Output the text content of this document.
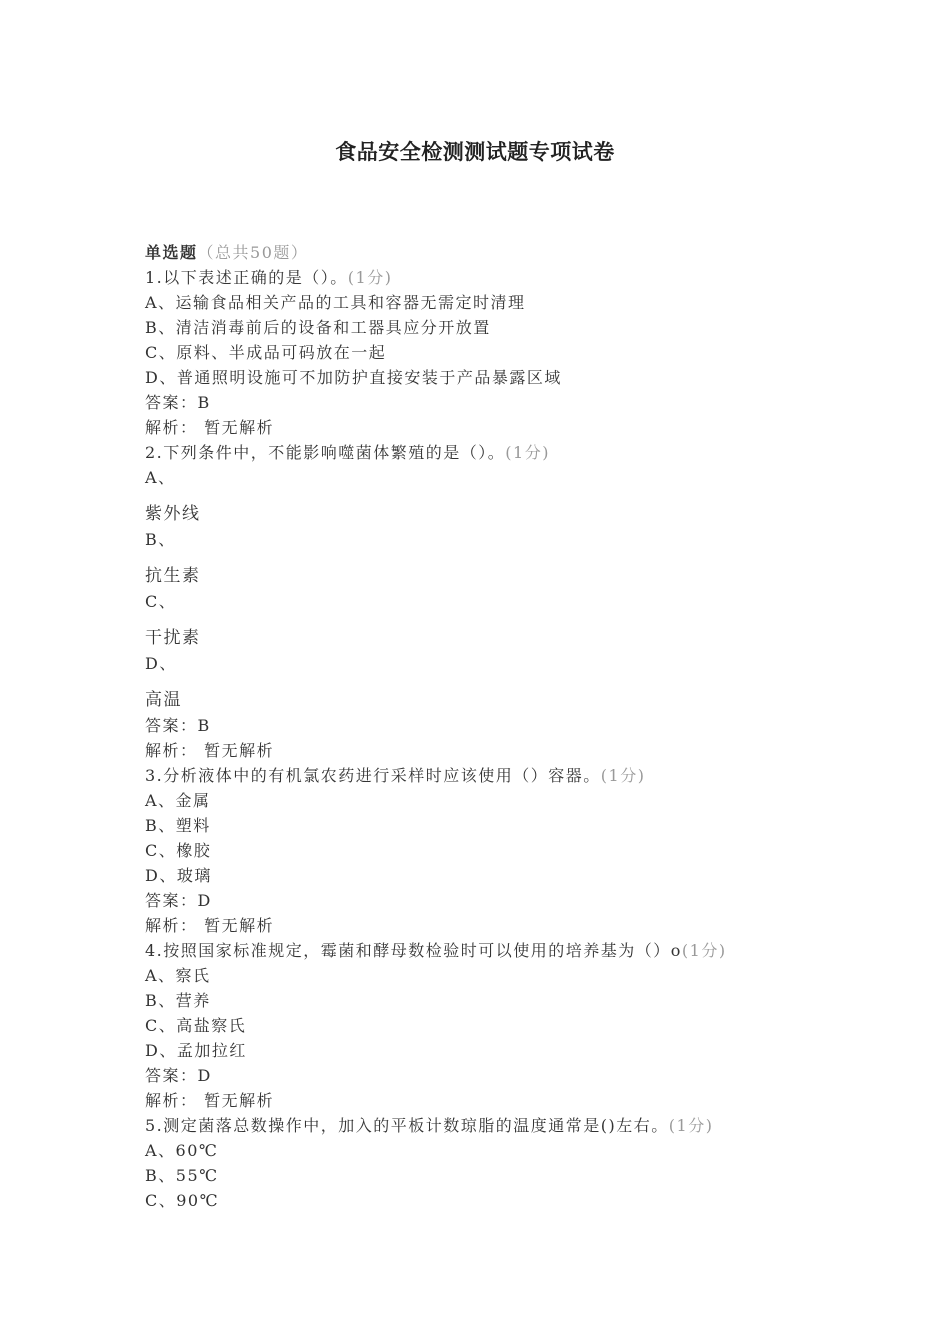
食品安全检测测试题专项试卷
单选题（总共50题）
1.以下表述正确的是（）。(1分)
A、运输食品相关产品的工具和容器无需定时清理
B、清洁消毒前后的设备和工器具应分开放置
C、原料、半成品可码放在一起
D、普通照明设施可不加防护直接安装于产品暴露区域
答案：B
解析： 暂无解析
2.下列条件中，不能影响噬菌体繁殖的是（）。(1分)
A、
紫外线
B、
抗生素
C、
干扰素
D、
高温
答案：B
解析： 暂无解析
3.分析液体中的有机氯农药进行采样时应该使用（）容器。(1分)
A、金属
B、塑料
C、橡胶
D、玻璃
答案：D
解析： 暂无解析
4.按照国家标准规定，霉菌和酵母数检验时可以使用的培养基为（）o(1分)
A、察氏
B、营养
C、高盐察氏
D、孟加拉红
答案：D
解析： 暂无解析
5.测定菌落总数操作中，加入的平板计数琼脂的温度通常是()左右。(1分)
A、60℃
B、55℃
C、90℃
